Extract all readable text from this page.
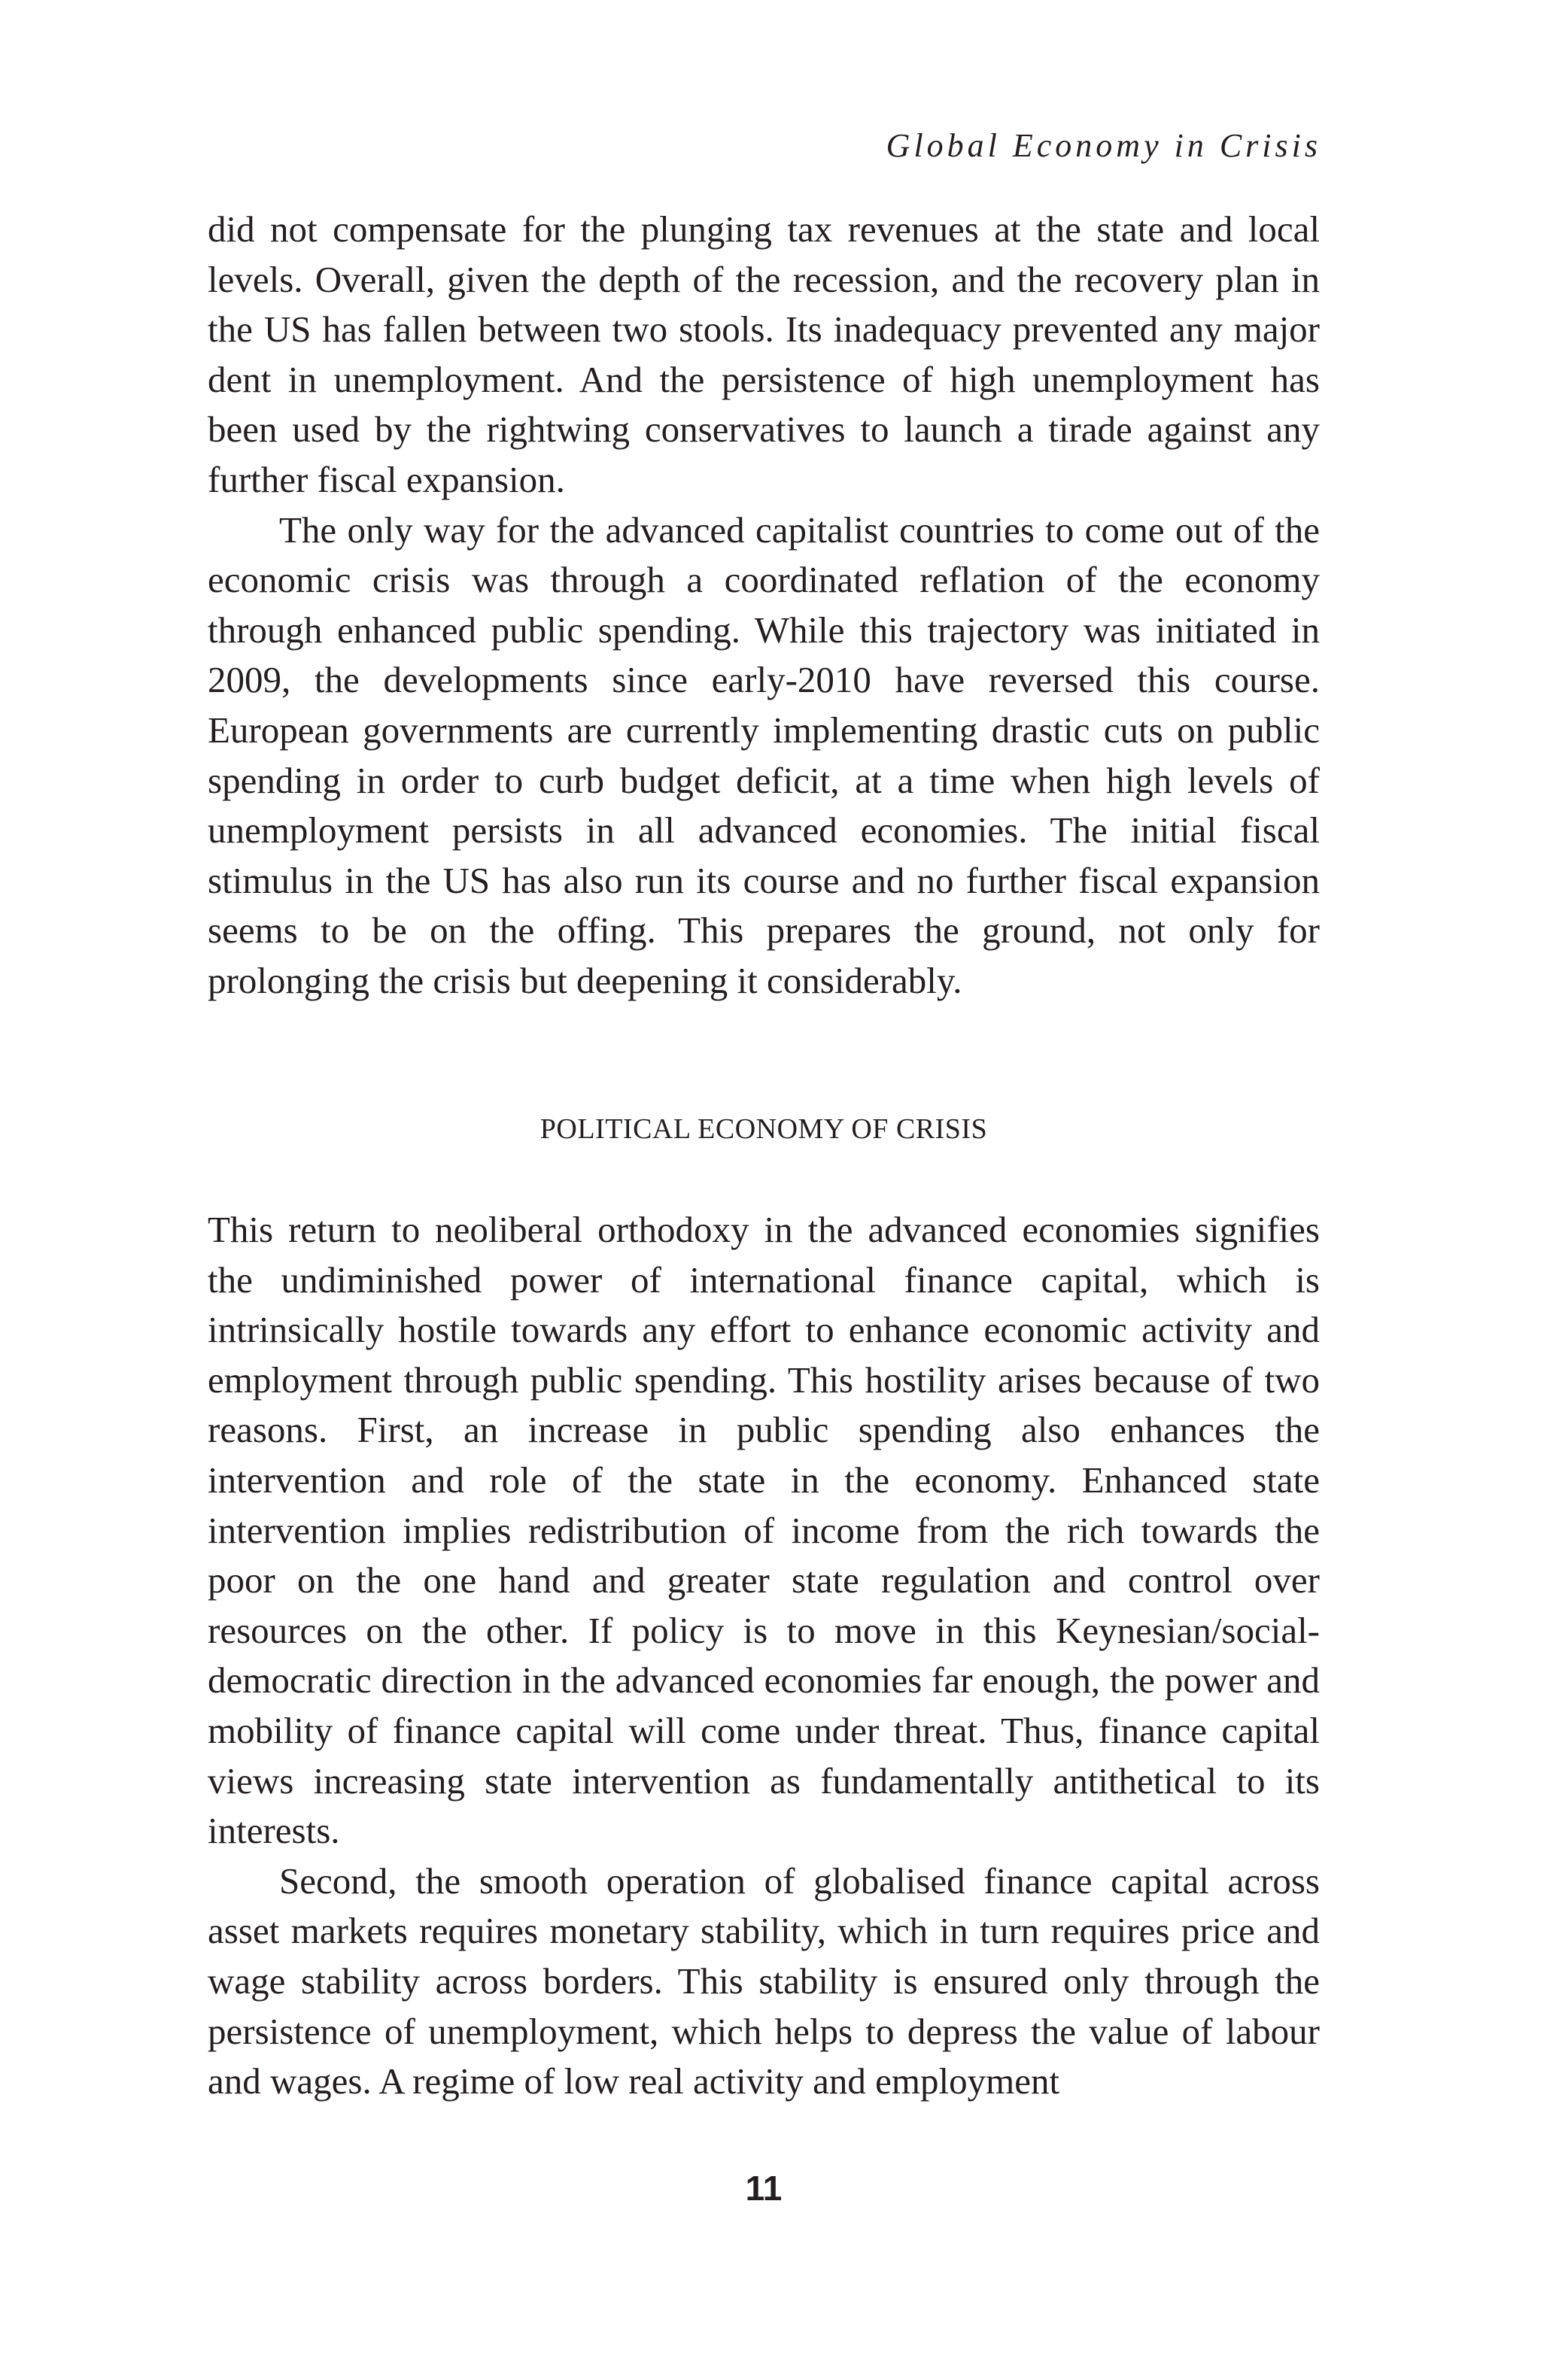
Global Economy in Crisis

did not compensate for the plunging tax revenues at the state and local levels. Overall, given the depth of the recession, and the recovery plan in the US has fallen between two stools. Its inadequacy prevented any major dent in unemployment. And the persistence of high unemployment has been used by the rightwing conservatives to launch a tirade against any further fiscal expansion.

The only way for the advanced capitalist countries to come out of the economic crisis was through a coordinated reflation of the economy through enhanced public spending. While this trajectory was initiated in 2009, the developments since early-2010 have reversed this course. European governments are currently implementing drastic cuts on public spending in order to curb budget deficit, at a time when high levels of unemployment persists in all advanced economies. The initial fiscal stimulus in the US has also run its course and no further fiscal expansion seems to be on the offing. This prepares the ground, not only for prolonging the crisis but deepening it considerably.

POLITICAL ECONOMY OF CRISIS

This return to neoliberal orthodoxy in the advanced economies signifies the undiminished power of international finance capital, which is intrinsically hostile towards any effort to enhance economic activity and employment through public spending. This hostility arises because of two reasons. First, an increase in public spending also enhances the intervention and role of the state in the economy. Enhanced state intervention implies redistribution of income from the rich towards the poor on the one hand and greater state regulation and control over resources on the other. If policy is to move in this Keynesian/social-democratic direction in the advanced economies far enough, the power and mobility of finance capital will come under threat. Thus, finance capital views increasing state intervention as fundamentally antithetical to its interests.

Second, the smooth operation of globalised finance capital across asset markets requires monetary stability, which in turn requires price and wage stability across borders. This stability is ensured only through the persistence of unemployment, which helps to depress the value of labour and wages. A regime of low real activity and employment

11
